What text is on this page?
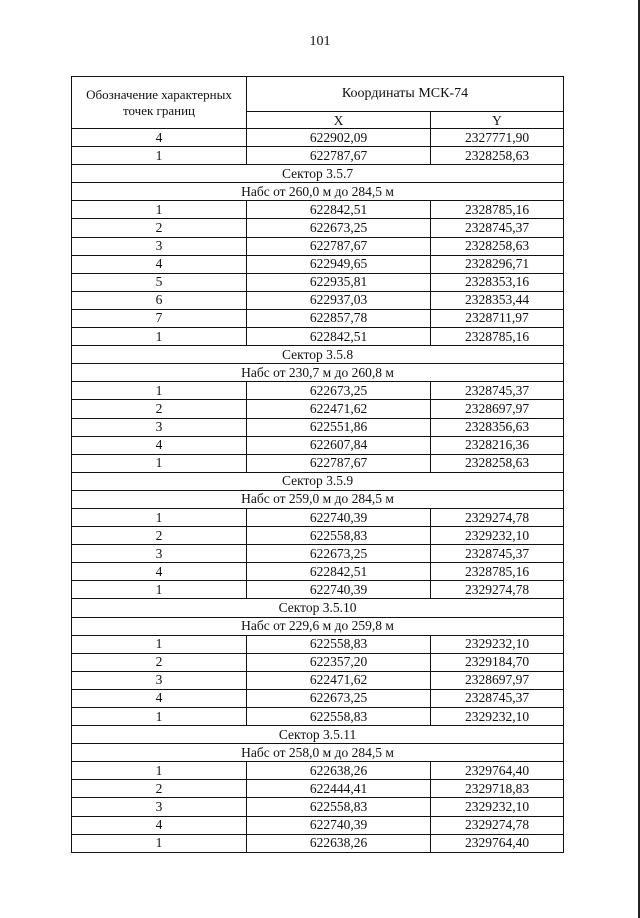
101
Обозначение характерных точек границ	Координаты МСК-74	
	X	Y
4	622902,09	2327771,90
1	622787,67	2328258,63
Сектор 3.5.7		
Набс от 260,0 м до 284,5 м		
1	622842,51	2328785,16
2	622673,25	2328745,37
3	622787,67	2328258,63
4	622949,65	2328296,71
5	622935,81	2328353,16
6	622937,03	2328353,44
7	622857,78	2328711,97
1	622842,51	2328785,16
Сектор 3.5.8		
Набс от 230,7 м до 260,8 м		
1	622673,25	2328745,37
2	622471,62	2328697,97
3	622551,86	2328356,63
4	622607,84	2328216,36
1	622787,67	2328258,63
Сектор 3.5.9		
Набс от 259,0 м до 284,5 м		
1	622740,39	2329274,78
2	622558,83	2329232,10
3	622673,25	2328745,37
4	622842,51	2328785,16
1	622740,39	2329274,78
Сектор 3.5.10		
Набс от 229,6 м до 259,8 м		
1	622558,83	2329232,10
2	622357,20	2329184,70
3	622471,62	2328697,97
4	622673,25	2328745,37
1	622558,83	2329232,10
Сектор 3.5.11		
Набс от 258,0 м до 284,5 м		
1	622638,26	2329764,40
2	622444,41	2329718,83
3	622558,83	2329232,10
4	622740,39	2329274,78
1	622638,26	2329764,40
